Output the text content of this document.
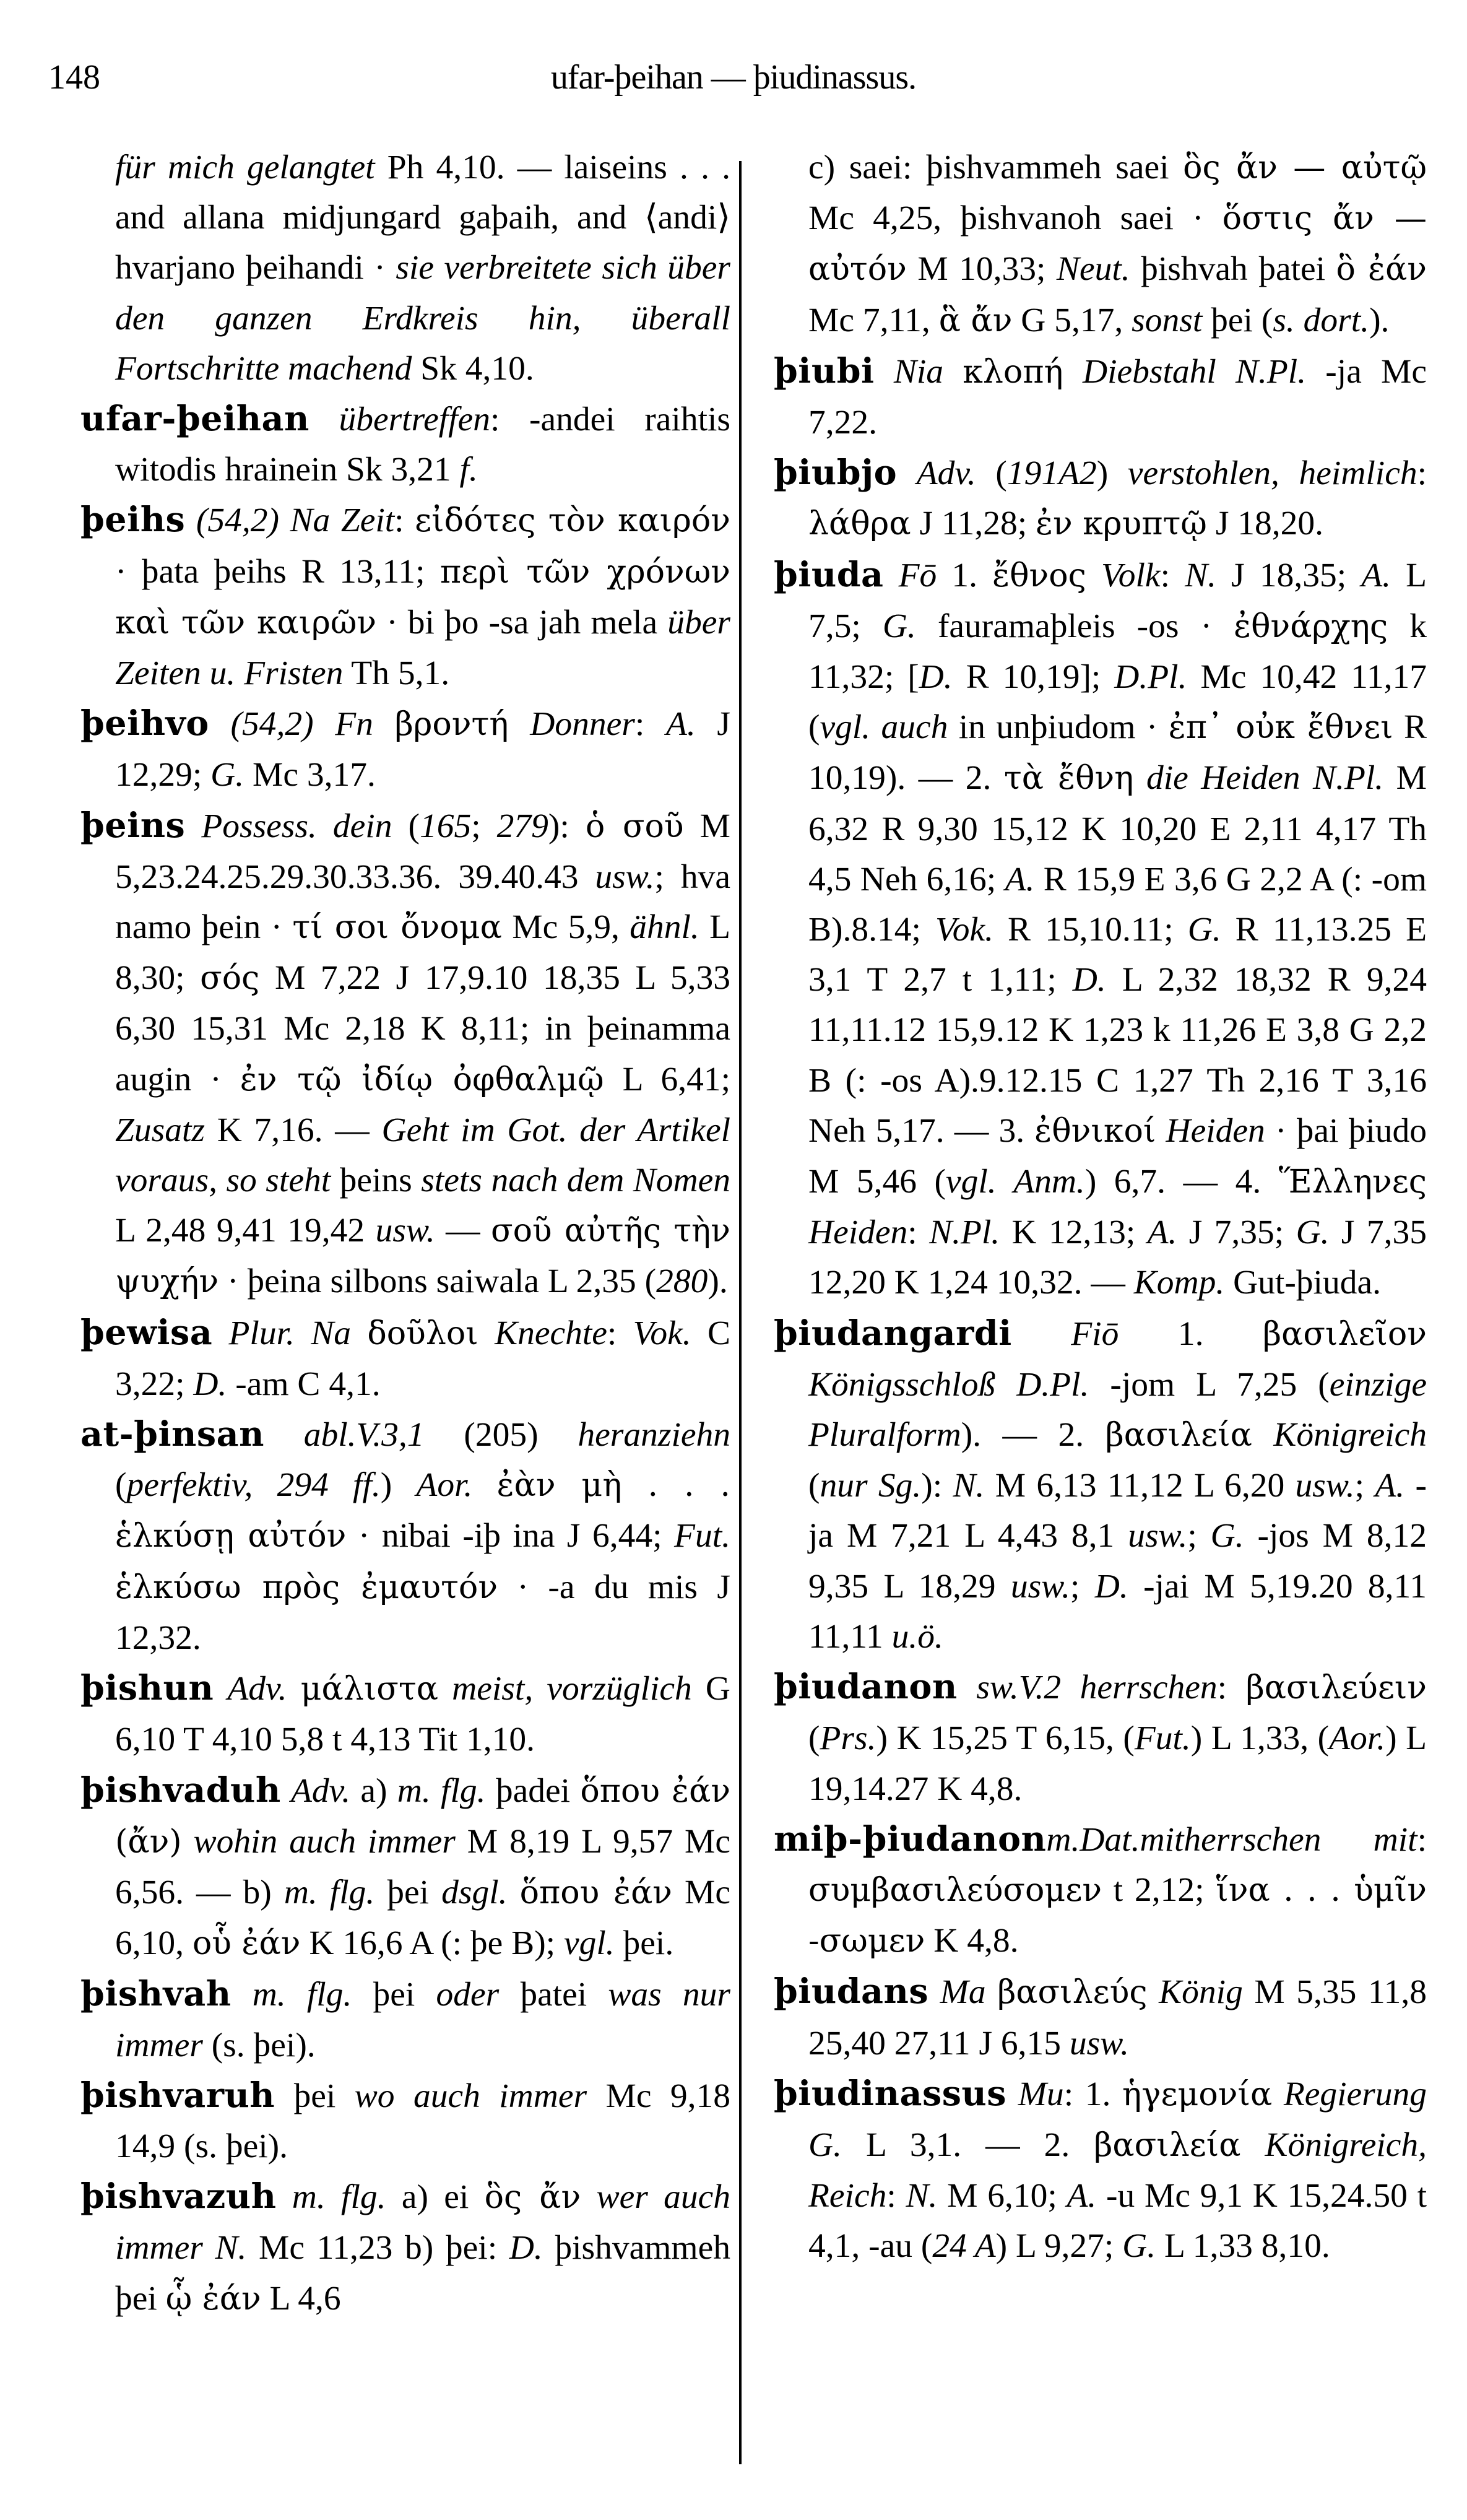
148	ufar-þeihan — þiudinassus.

für mich gelangtet Ph 4,10. — laiseins . . . and allana midjungard gaþaih, and ⟨andi⟩ hvarjano þeihandi · sie verbreitete sich über den ganzen Erdkreis hin, überall Fortschritte machend Sk 4,10.

ufar-þeihan übertreffen: -andei raihtis witodis hrainein Sk 3,21 f.

þeihs (54,2) Na Zeit: εἰδότες τὸν καιρόν · þata þeihs R 13,11; περὶ τῶν χρόνων καὶ τῶν καιρῶν · bi þo -sa jah mela über Zeiten u. Fristen Th 5,1.

þeihvo (54,2) Fn βροντή Donner: A. J 12,29; G. Mc 3,17.

þeins Possess. dein (165; 279): ὁ σοῦ M 5,23.24.25.29.30.33.36. 39.40.43 usw.; hva namo þein · τί σοι ὄνομα Mc 5,9, ähnl. L 8,30; σός M 7,22 J 17,9.10 18,35 L 5,33 6,30 15,31 Mc 2,18 K 8,11; in þeinamma augin · ἐν τῷ ἰδίῳ ὀφθαλμῷ L 6,41; Zusatz K 7,16. — Geht im Got. der Artikel voraus, so steht þeins stets nach dem Nomen L 2,48 9,41 19,42 usw. — σοῦ αὐτῆς τὴν ψυχήν · þeina silbons saiwala L 2,35 (280).

þewisa Plur. Na δοῦλοι Knechte: Vok. C 3,22; D. -am C 4,1.

at-þinsan abl.V.3,1 (205) heranziehn (perfektiv, 294 ff.) Aor. ἐὰν μὴ . . . ἑλκύσῃ αὐτόν · nibai -iþ ina J 6,44; Fut. ἑλκύσω πρὸς ἐμαυτόν · -a du mis J 12,32.

þishun Adv. μάλιστα meist, vorzüglich G 6,10 T 4,10 5,8 t 4,13 Tit 1,10.

þishvaduh Adv. a) m. flg. þadei ὅπου ἐάν (ἄν) wohin auch immer M 8,19 L 9,57 Mc 6,56. — b) m. flg. þei dsgl. ὅπου ἐάν Mc 6,10, οὗ ἐάν K 16,6 A (: þe B); vgl. þei.

þishvah m. flg. þei oder þatei was nur immer (s. þei).

þishvaruh þei wo auch immer Mc 9,18 14,9 (s. þei).

þishvazuh m. flg. a) ei ὃς ἄν wer auch immer N. Mc 11,23 b) þei: D. þishvammeh þei ᾧ ἐάν L 4,6

c) saei: þishvammeh saei ὃς ἄν — αὐτῷ Mc 4,25, þishvanoh saei · ὅστις ἄν — αὐτόν M 10,33; Neut. þishvah þatei ὃ ἐάν Mc 7,11, ἃ ἄν G 5,17, sonst þei (s. dort.).

þiubi Nia κλοπή Diebstahl N.Pl. -ja Mc 7,22.

þiubjo Adv. (191A2) verstohlen, heimlich: λάθρα J 11,28; ἐν κρυπτῷ J 18,20.

þiuda Fō 1. ἔθνος Volk: N. J 18,35; A. L 7,5; G. fauramaþleis -os · ἐθνάρχης k 11,32; [D. R 10,19]; D.Pl. Mc 10,42 11,17 (vgl. auch in unþiudom · ἐπ᾽ οὐκ ἔθνει R 10,19). — 2. τὰ ἔθνη die Heiden N.Pl. M 6,32 R 9,30 15,12 K 10,20 E 2,11 4,17 Th 4,5 Neh 6,16; A. R 15,9 E 3,6 G 2,2 A (: -om B).8.14; Vok. R 15,10.11; G. R 11,13.25 E 3,1 T 2,7 t 1,11; D. L 2,32 18,32 R 9,24 11,11.12 15,9.12 K 1,23 k 11,26 E 3,8 G 2,2 B (: -os A).9.12.15 C 1,27 Th 2,16 T 3,16 Neh 5,17. — 3. ἐθνικοί Heiden · þai þiudo M 5,46 (vgl. Anm.) 6,7. — 4. Ἕλληνες Heiden: N.Pl. K 12,13; A. J 7,35; G. J 7,35 12,20 K 1,24 10,32. — Komp. Gut-þiuda.

þiudangardi Fiō 1. βασιλεῖον Königsschloß D.Pl. -jom L 7,25 (einzige Pluralform). — 2. βασιλεία Königreich (nur Sg.): N. M 6,13 11,12 L 6,20 usw.; A. -ja M 7,21 L 4,43 8,1 usw.; G. -jos M 8,12 9,35 L 18,29 usw.; D. -jai M 5,19.20 8,11 11,11 u.ö.

þiudanon sw.V.2 herrschen: βασιλεύειν (Prs.) K 15,25 T 6,15, (Fut.) L 1,33, (Aor.) L 19,14.27 K 4,8.

miþ-þiudanonm.Dat.mitherrschen mit: συμβασιλεύσομεν t 2,12; ἵνα . . . ὑμῖν -σωμεν K 4,8.

þiudans Ma βασιλεύς König M 5,35 11,8 25,40 27,11 J 6,15 usw.

þiudinassus Mu: 1. ἡγεμονία Regierung G. L 3,1. — 2. βασιλεία Königreich, Reich: N. M 6,10; A. -u Mc 9,1 K 15,24.50 t 4,1, -au (24 A) L 9,27; G. L 1,33 8,10.
